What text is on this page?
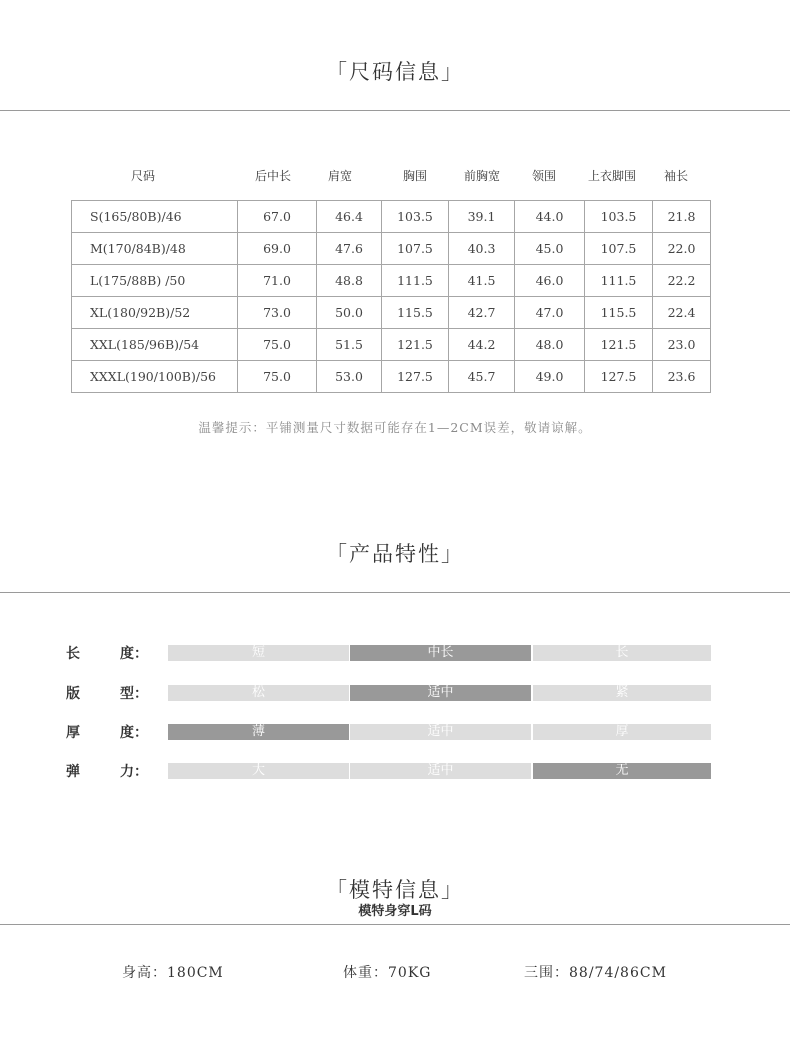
「尺码信息」
尺码	后中长	肩宽	胸围	前胸宽	领围	上衣脚围	袖长
S(165/80B)/46	67.0	46.4	103.5	39.1	44.0	103.5	21.8
M(170/84B)/48	69.0	47.6	107.5	40.3	45.0	107.5	22.0
L(175/88B) /50	71.0	48.8	111.5	41.5	46.0	111.5	22.2
XL(180/92B)/52	73.0	50.0	115.5	42.7	47.0	115.5	22.4
XXL(185/96B)/54	75.0	51.5	121.5	44.2	48.0	121.5	23.0
XXXL(190/100B)/56	75.0	53.0	127.5	45.7	49.0	127.5	23.6
温馨提示：平铺测量尺寸数据可能存在1—2CM误差，敬请谅解。
「产品特性」
长	度：	短	中长	长
版	型：	松	适中	紧
厚	度：	薄	适中	厚
弹	力：	大	适中	无
「模特信息」
模特身穿L码
身高：180CM	体重：70KG	三围：88/74/86CM
